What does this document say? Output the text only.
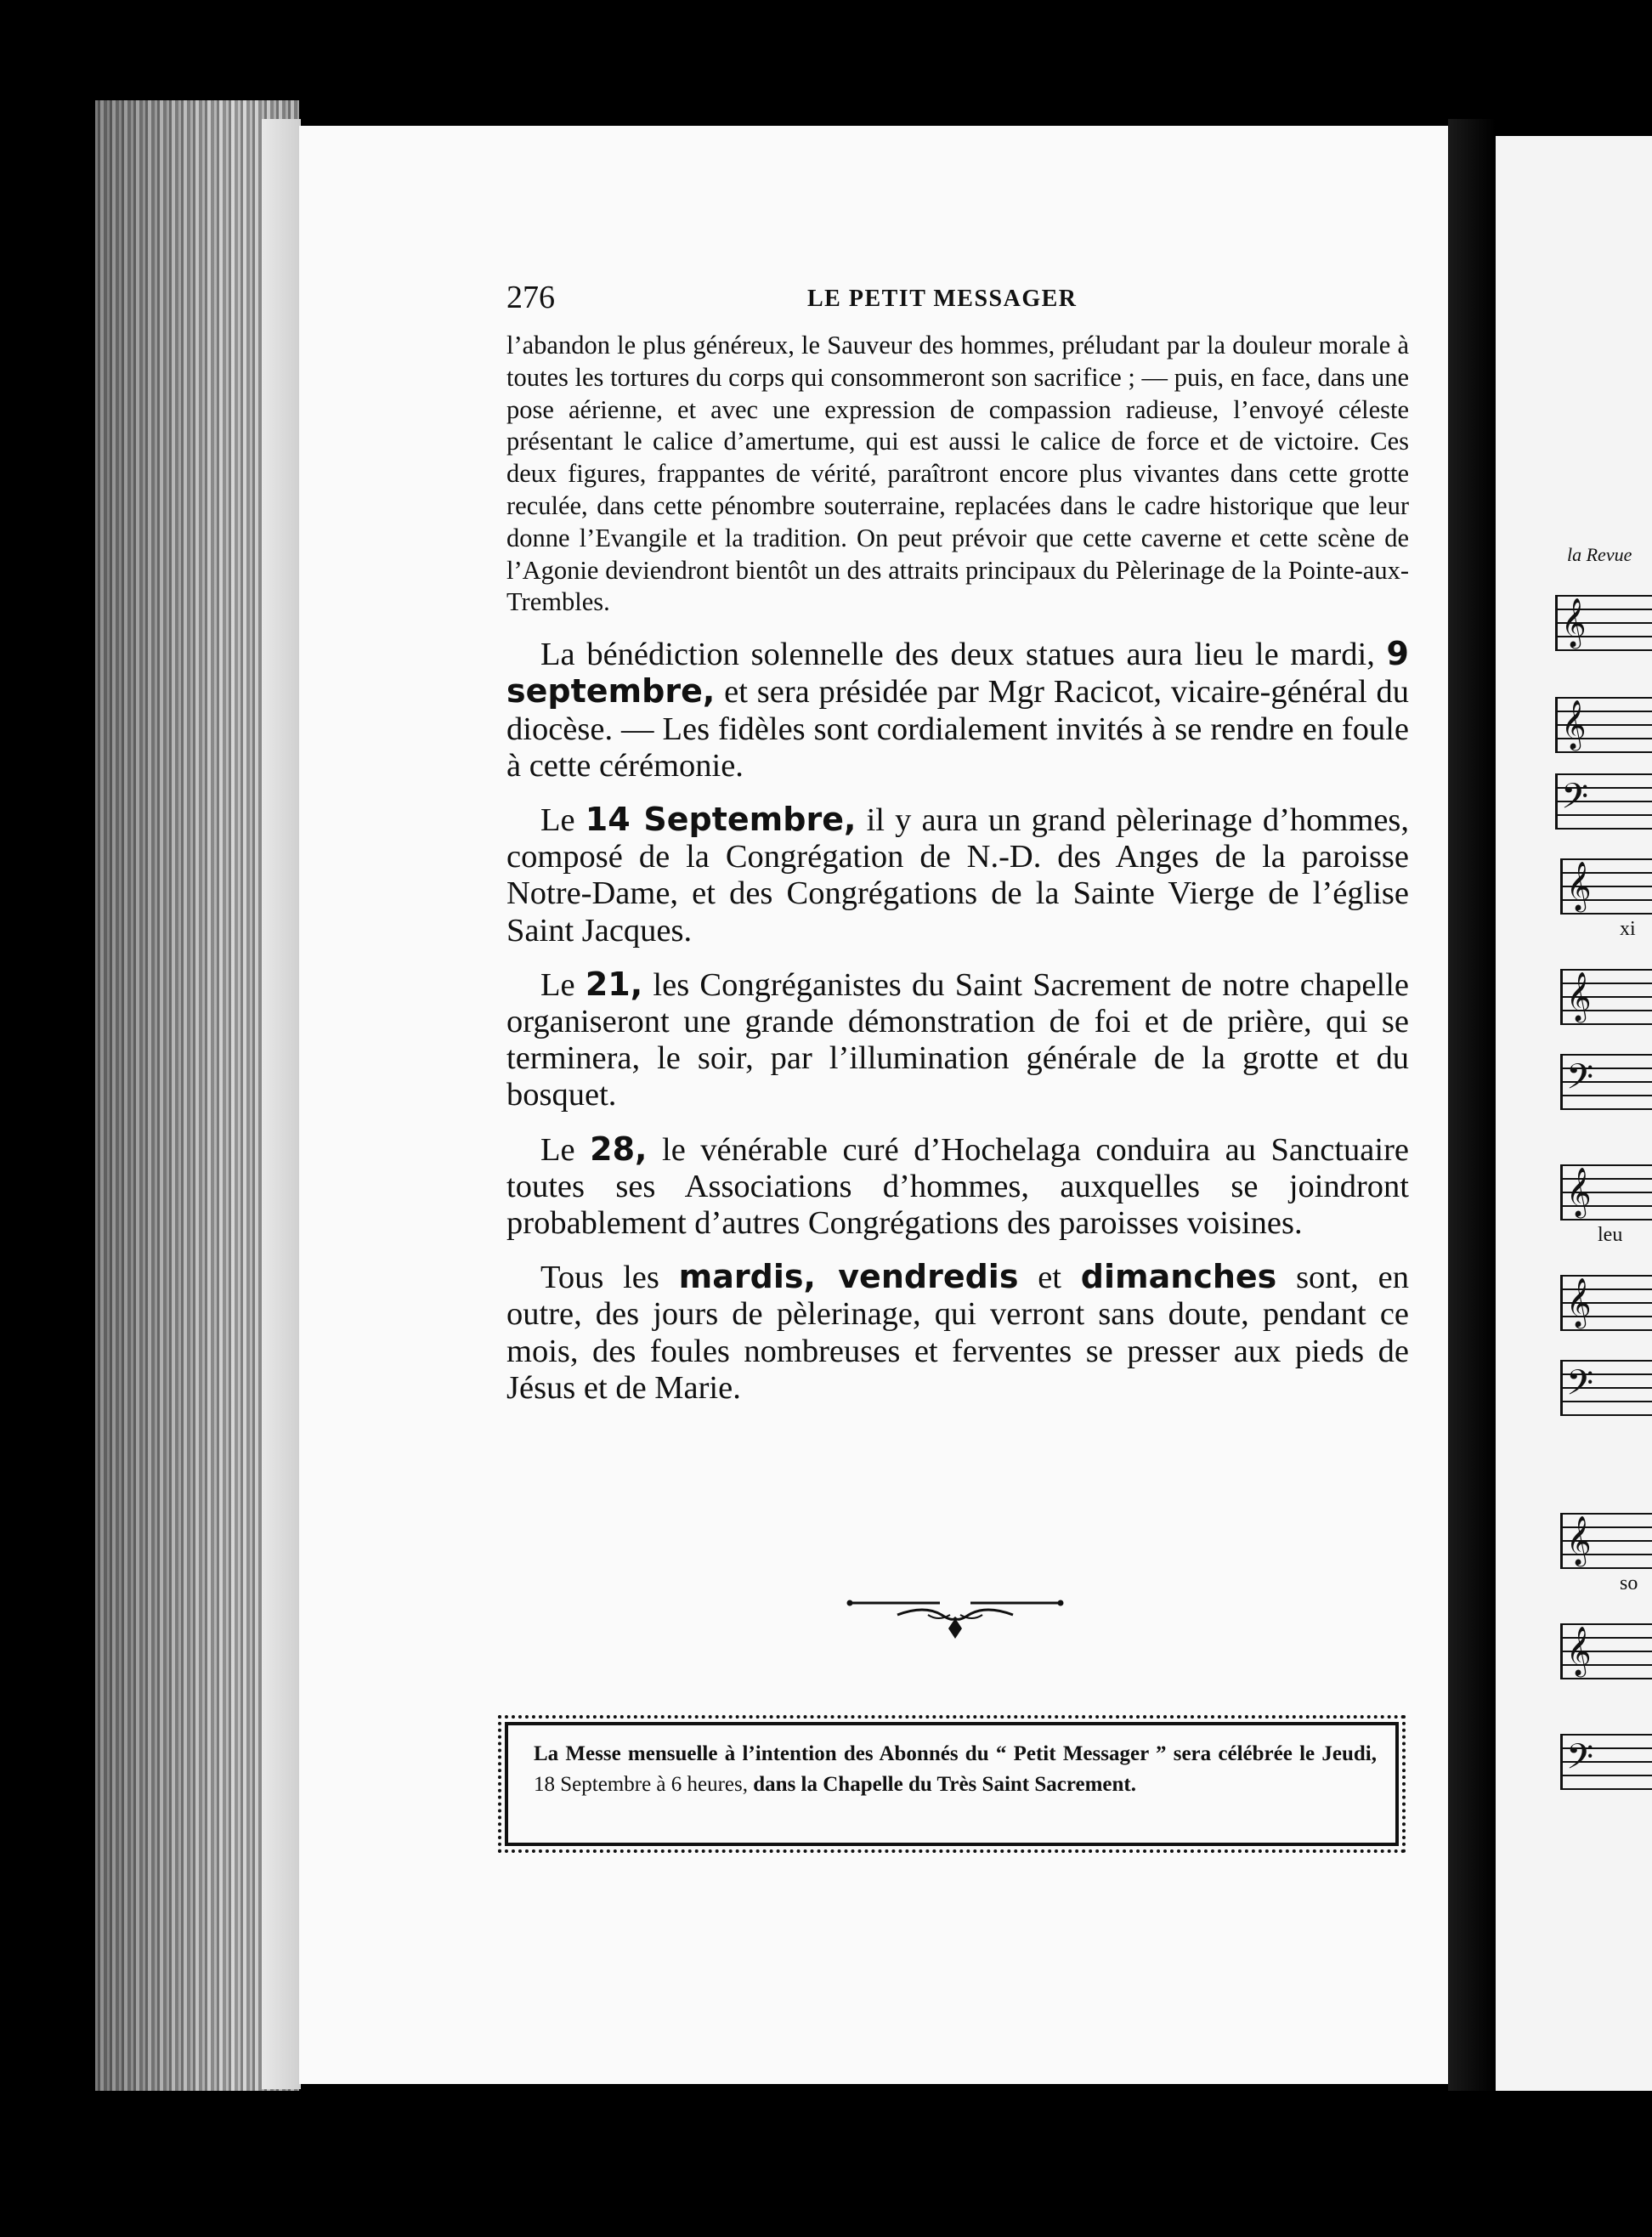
276	LE PETIT MESSAGER

l’abandon le plus généreux, le Sauveur des hommes, préludant par la douleur morale à toutes les tortures du corps qui consommeront son sacrifice ; — puis, en face, dans une pose aérienne, et avec une expression de compassion radieuse, l’envoyé céleste présentant le calice d’amertume, qui est aussi le calice de force et de victoire. Ces deux figures, frappantes de vérité, paraîtront encore plus vivantes dans cette grotte reculée, dans cette pénombre souterraine, replacées dans le cadre historique que leur donne l’Evangile et la tradition. On peut prévoir que cette caverne et cette scène de l’Agonie deviendront bientôt un des attraits principaux du Pèlerinage de la Pointe-aux-Trembles.

La bénédiction solennelle des deux statues aura lieu le mardi, 9 septembre, et sera présidée par Mgr Racicot, vicaire-général du diocèse. — Les fidèles sont cordialement invités à se rendre en foule à cette cérémonie.

Le 14 Septembre, il y aura un grand pèlerinage d’hommes, composé de la Congrégation de N.-D. des Anges de la paroisse Notre-Dame, et des Congrégations de la Sainte Vierge de l’église Saint Jacques.

Le 21, les Congréganistes du Saint Sacrement de notre chapelle organiseront une grande démonstration de foi et de prière, qui se terminera, le soir, par l’illumination générale de la grotte et du bosquet.

Le 28, le vénérable curé d’Hochelaga conduira au Sanctuaire toutes ses Associations d’hommes, auxquelles se joindront probablement d’autres Congrégations des paroisses voisines.

Tous les mardis, vendredis et dimanches sont, en outre, des jours de pèlerinage, qui verront sans doute, pendant ce mois, des foules nombreuses et ferventes se presser aux pieds de Jésus et de Marie.

La Messe mensuelle à l’intention des Abonnés du “ Petit Messager ” sera célébrée le Jeudi, 18 Septembre à 6 heures, dans la Chapelle du Très Saint Sacrement.
la Revue
𝄞
𝄞
𝄢
𝄞
xi
𝄞
𝄢
𝄞
leu
𝄞
𝄢
𝄞
so
𝄞
𝄢
